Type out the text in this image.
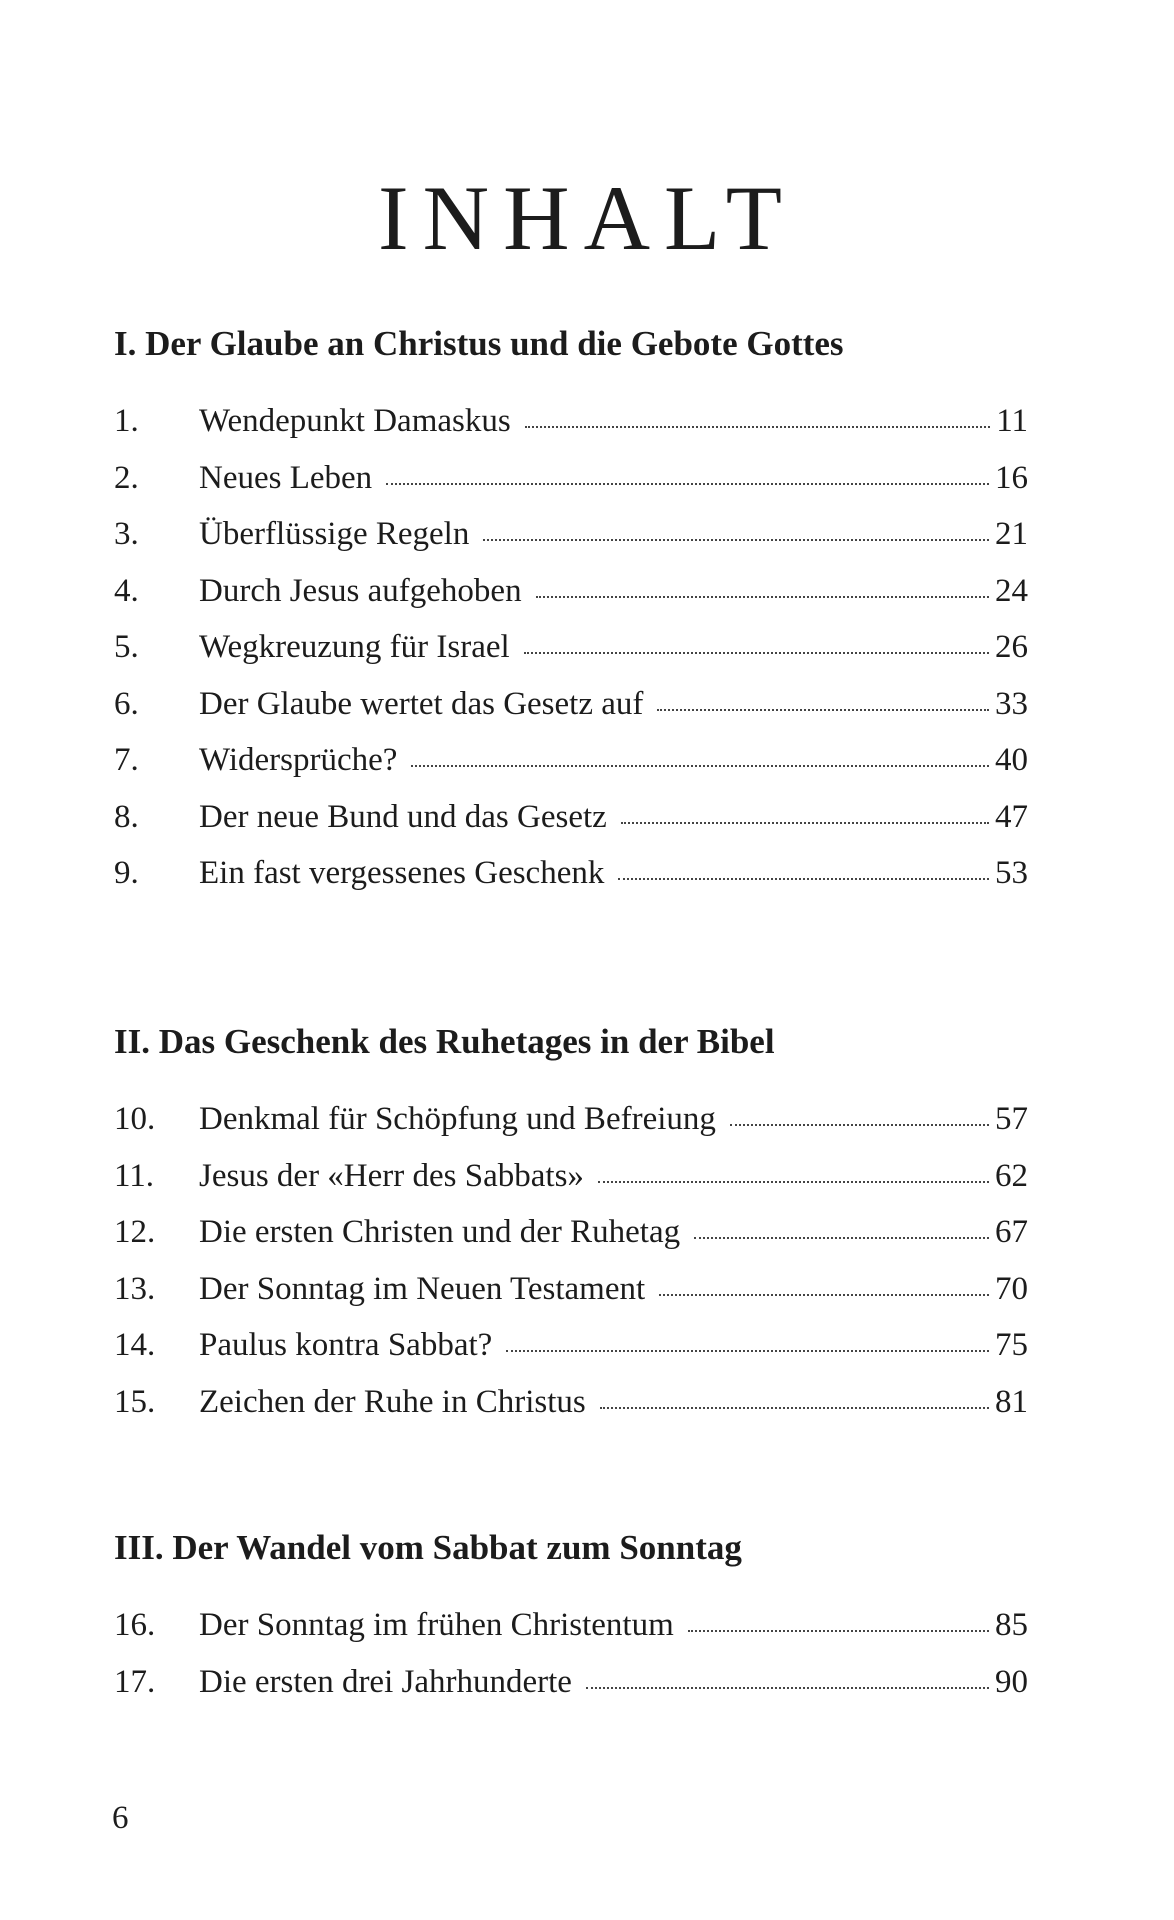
INHALT
I. Der Glaube an Christus und die Gebote Gottes
1.	Wendepunkt Damaskus	11
2.	Neues Leben	16
3.	Überflüssige Regeln	21
4.	Durch Jesus aufgehoben	24
5.	Wegkreuzung für Israel	26
6.	Der Glaube wertet das Gesetz auf	33
7.	Widersprüche?	40
8.	Der neue Bund und das Gesetz	47
9.	Ein fast vergessenes Geschenk	53
II. Das Geschenk des Ruhetages in der Bibel
10.	Denkmal für Schöpfung und Befreiung	57
11.	Jesus der «Herr des Sabbats»	62
12.	Die ersten Christen und der Ruhetag	67
13.	Der Sonntag im Neuen Testament	70
14.	Paulus kontra Sabbat?	75
15.	Zeichen der Ruhe in Christus	81
III. Der Wandel vom Sabbat zum Sonntag
16.	Der Sonntag im frühen Christentum	85
17.	Die ersten drei Jahrhunderte	90
6
